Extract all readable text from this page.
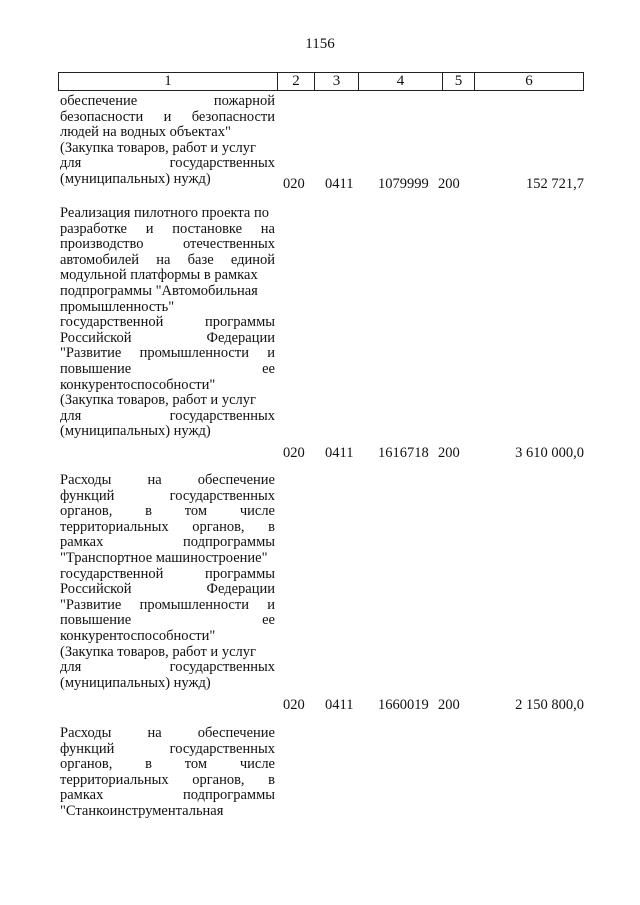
1156
1	2	3	4	5	6
обеспечение	пожарной
безопасности и безопасности
людей на водных объектах"
(Закупка товаров, работ и услуг
для	государственных
(муниципальных) нужд)	020 0411 1079999 200	152 721,7
Реализация пилотного проекта по
разработке и постановке на
производство	отечественных
автомобилей на базе единой
модульной платформы в рамках
подпрограммы "Автомобильная
промышленность"
государственной	программы
Российской	Федерации
"Развитие промышленности и
повышение	ее
конкурентоспособности"
(Закупка товаров, работ и услуг
для	государственных
(муниципальных) нужд)
020 0411 1616718 200	3 610 000,0
Расходы на обеспечение
функций	государственных
органов, в том числе
территориальных органов, в
рамках	подпрограммы
"Транспортное машиностроение"
государственной	программы
Российской	Федерации
"Развитие промышленности и
повышение	ее
конкурентоспособности"
(Закупка товаров, работ и услуг
для	государственных
(муниципальных) нужд)
020 0411 1660019 200	2 150 800,0
Расходы на обеспечение
функций	государственных
органов, в том числе
территориальных органов, в
рамках	подпрограммы
"Станкоинструментальная
